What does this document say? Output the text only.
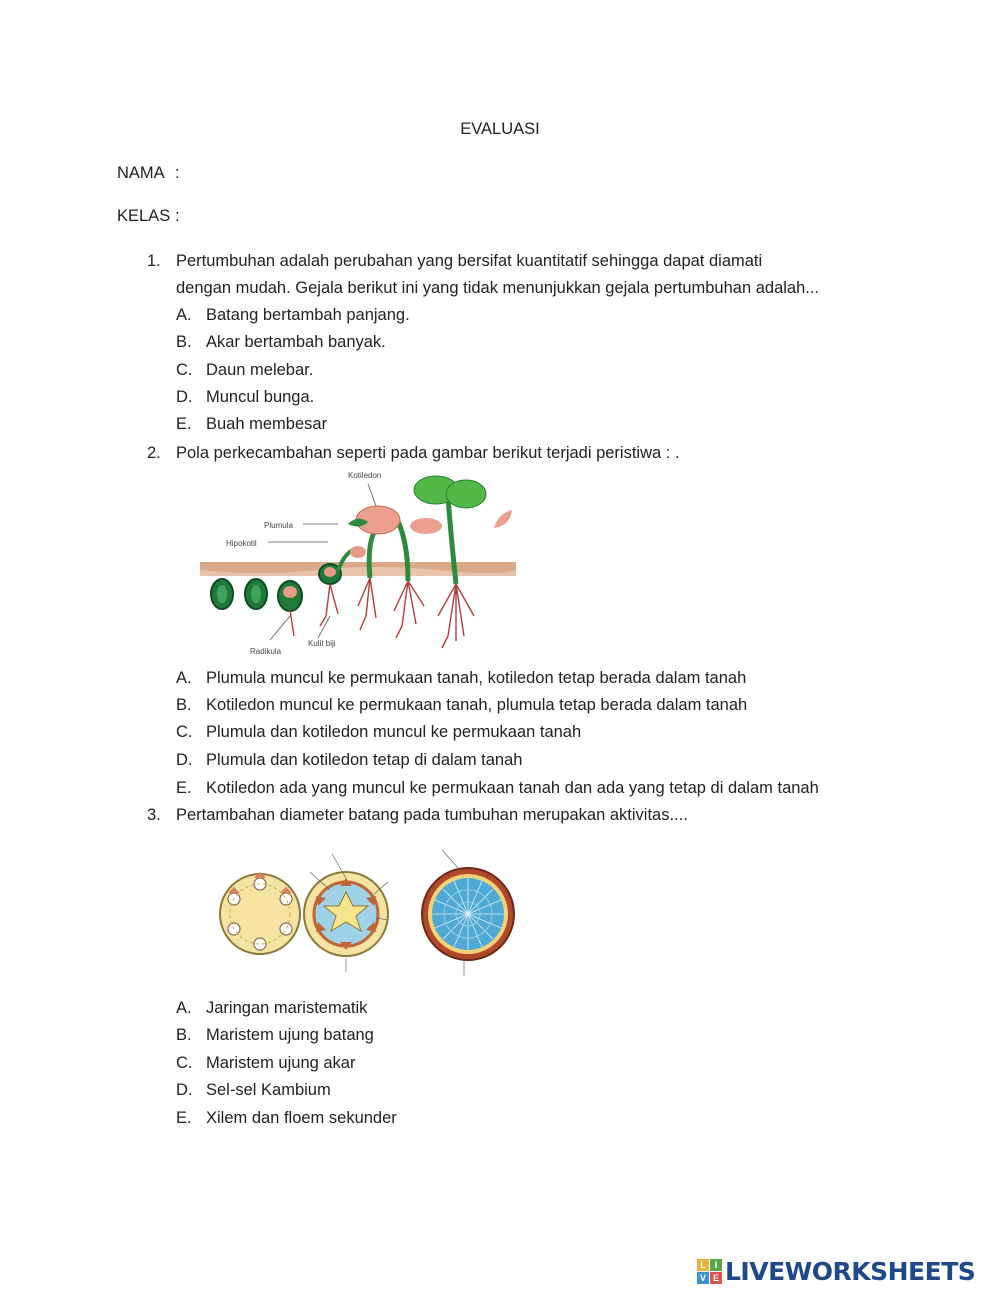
EVALUASI
NAMA :
KELAS :
1. Pertumbuhan adalah perubahan yang bersifat kuantitatif sehingga dapat diamati
dengan mudah. Gejala berikut ini yang tidak menunjukkan gejala pertumbuhan adalah...
A. Batang bertambah panjang.
B. Akar bertambah banyak.
C. Daun melebar.
D. Muncul bunga.
E. Buah membesar
2. Pola perkecambahan seperti pada gambar berikut terjadi peristiwa : .
Kotiledon
Plumula
Hipokotil
Radikula
Kulit biji
A. Plumula muncul ke permukaan tanah, kotiledon tetap berada dalam tanah
B. Kotiledon muncul ke permukaan tanah, plumula tetap berada dalam tanah
C. Plumula dan kotiledon muncul ke permukaan tanah
D. Plumula dan kotiledon tetap di dalam tanah
E. Kotiledon ada yang muncul ke permukaan tanah dan ada yang tetap di dalam tanah
3. Pertambahan diameter batang pada tumbuhan merupakan aktivitas....
A. Jaringan maristematik
B. Maristem ujung batang
C. Maristem ujung akar
D. Sel-sel Kambium
E. Xilem dan floem sekunder
L I
V E LIVEWORKSHEETS
